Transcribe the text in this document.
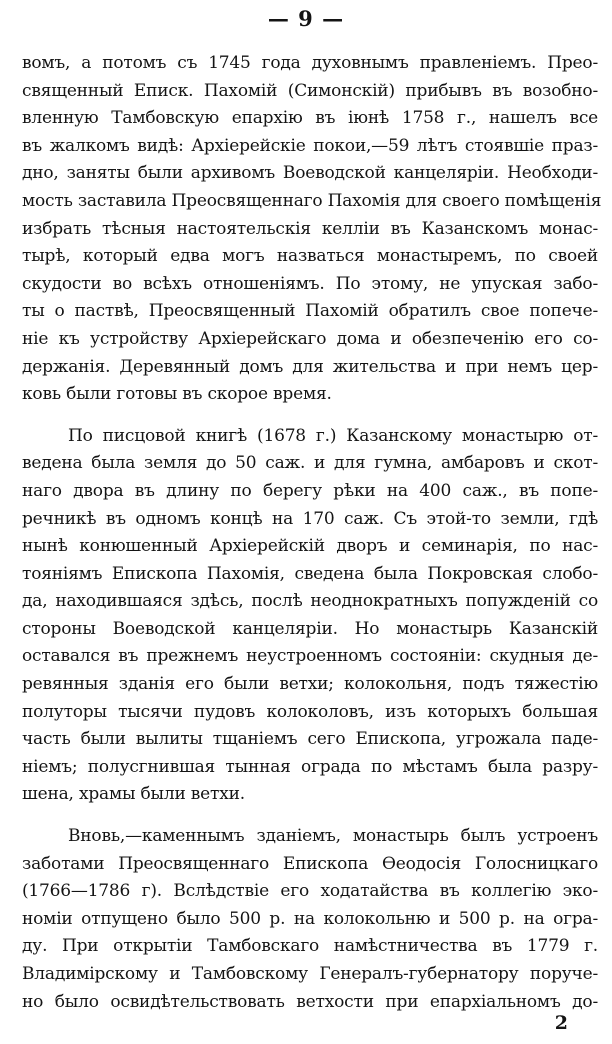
— 9 —
вомъ, а потомъ съ 1745 года духовнымъ правленіемъ. Прео-
священный Еписк. Пахомій (Симонскій) прибывъ въ возобно-
вленную Тамбовскую епархію въ іюнѣ 1758 г., нашелъ все
въ жалкомъ видѣ: Архіерейскіе покои,—59 лѣтъ стоявшіе праз-
дно, заняты были архивомъ Воеводской канцеляріи. Необходи-
мость заставила Преосвященнаго Пахомія для своего помѣщенія
избрать тѣсныя настоятельскія келліи въ Казанскомъ монас-
тырѣ, который едва могъ назваться монастыремъ, по своей
скудости во всѣхъ отношеніямъ. По этому, не упуская забо-
ты о паствѣ, Преосвященный Пахомій обратилъ свое попече-
ніе къ устройству Архіерейскаго дома и обезпеченію его со-
держанія. Деревянный домъ для жительства и при немъ цер-
ковь были готовы въ скорое время.
По писцовой книгѣ (1678 г.) Казанскому монастырю от-
ведена была земля до 50 саж. и для гумна, амбаровъ и скот-
наго двора въ длину по берегу рѣки на 400 саж., въ попе-
речникѣ въ одномъ концѣ на 170 саж. Съ этой-то земли, гдѣ
нынѣ конюшенный Архіерейскій дворъ и семинарія, по нас-
тояніямъ Епископа Пахомія, сведена была Покровская слобо-
да, находившаяся здѣсь, послѣ неоднократныхъ попужденій со
стороны Воеводской канцеляріи. Но монастырь Казанскій
оставался въ прежнемъ неустроенномъ состояніи: скудныя де-
ревянныя зданія его были ветхи; колокольня, подъ тяжестію
полуторы тысячи пудовъ колоколовъ, изъ которыхъ большая
часть были вылиты тщаніемъ сего Епископа, угрожала паде-
ніемъ; полусгнившая тынная ограда по мѣстамъ была разру-
шена, храмы были ветхи.
Вновь,—каменнымъ зданіемъ, монастырь былъ устроенъ
заботами Преосвященнаго Епископа Ѳеодосія Голосницкаго
(1766—1786 г). Вслѣдствіе его ходатайства въ коллегію эко-
номіи отпущено было 500 р. на колокольню и 500 р. на огра-
ду. При открытіи Тамбовскаго намѣстничества въ 1779 г.
Владимірскому и Тамбовскому Генералъ-губернатору поруче-
но было освидѣтельствовать ветхости при епархіальномъ до-
2
